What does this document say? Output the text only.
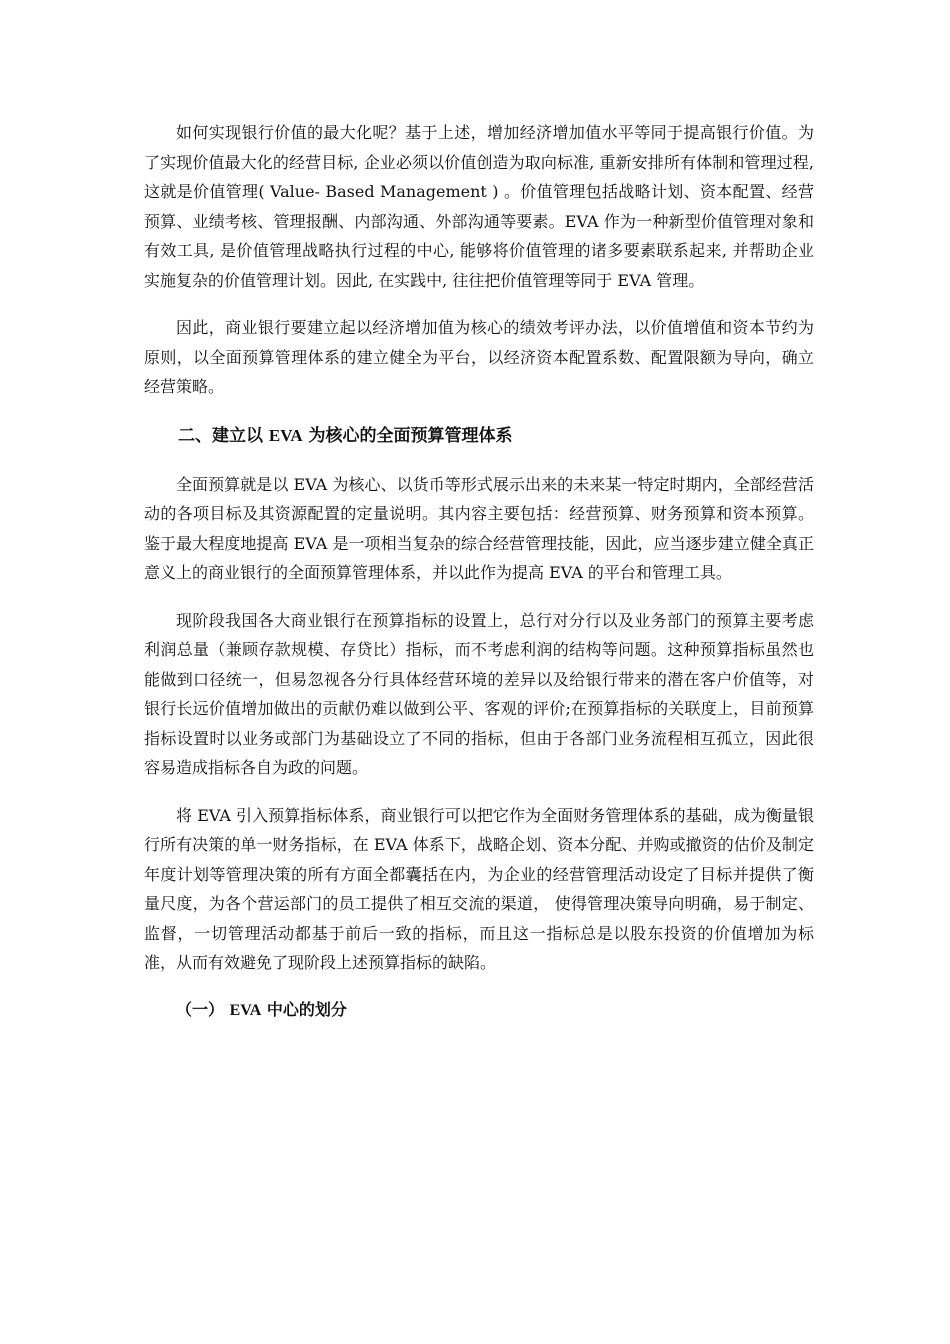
如何实现银行价值的最大化呢？基于上述，增加经济增加值水平等同于提高银行价值。为了实现价值最大化的经营目标, 企业必须以价值创造为取向标准, 重新安排所有体制和管理过程, 这就是价值管理( Value- Based Management ) 。价值管理包括战略计划、资本配置、经营预算、业绩考核、管理报酬、内部沟通、外部沟通等要素。EVA 作为一种新型价值管理对象和有效工具, 是价值管理战略执行过程的中心, 能够将价值管理的诸多要素联系起来, 并帮助企业实施复杂的价值管理计划。因此, 在实践中, 往往把价值管理等同于 EVA 管理。

因此，商业银行要建立起以经济增加值为核心的绩效考评办法，以价值增值和资本节约为原则，以全面预算管理体系的建立健全为平台，以经济资本配置系数、配置限额为导向，确立经营策略。

二、建立以 EVA 为核心的全面预算管理体系

全面预算就是以 EVA 为核心、以货币等形式展示出来的未来某一特定时期内，全部经营活动的各项目标及其资源配置的定量说明。其内容主要包括：经营预算、财务预算和资本预算。鉴于最大程度地提高 EVA 是一项相当复杂的综合经营管理技能，因此，应当逐步建立健全真正意义上的商业银行的全面预算管理体系，并以此作为提高 EVA 的平台和管理工具。

现阶段我国各大商业银行在预算指标的设置上，总行对分行以及业务部门的预算主要考虑利润总量（兼顾存款规模、存贷比）指标，而不考虑利润的结构等问题。这种预算指标虽然也能做到口径统一，但易忽视各分行具体经营环境的差异以及给银行带来的潜在客户价值等，对银行长远价值增加做出的贡献仍难以做到公平、客观的评价;在预算指标的关联度上，目前预算指标设置时以业务或部门为基础设立了不同的指标，但由于各部门业务流程相互孤立，因此很容易造成指标各自为政的问题。

将 EVA 引入预算指标体系，商业银行可以把它作为全面财务管理体系的基础，成为衡量银行所有决策的单一财务指标，在 EVA 体系下，战略企划、资本分配、并购或撤资的估价及制定年度计划等管理决策的所有方面全都囊括在内，为企业的经营管理活动设定了目标并提供了衡量尺度，为各个营运部门的员工提供了相互交流的渠道， 使得管理决策导向明确，易于制定、监督，一切管理活动都基于前后一致的指标，而且这一指标总是以股东投资的价值增加为标准，从而有效避免了现阶段上述预算指标的缺陷。

（一） EVA 中心的划分
